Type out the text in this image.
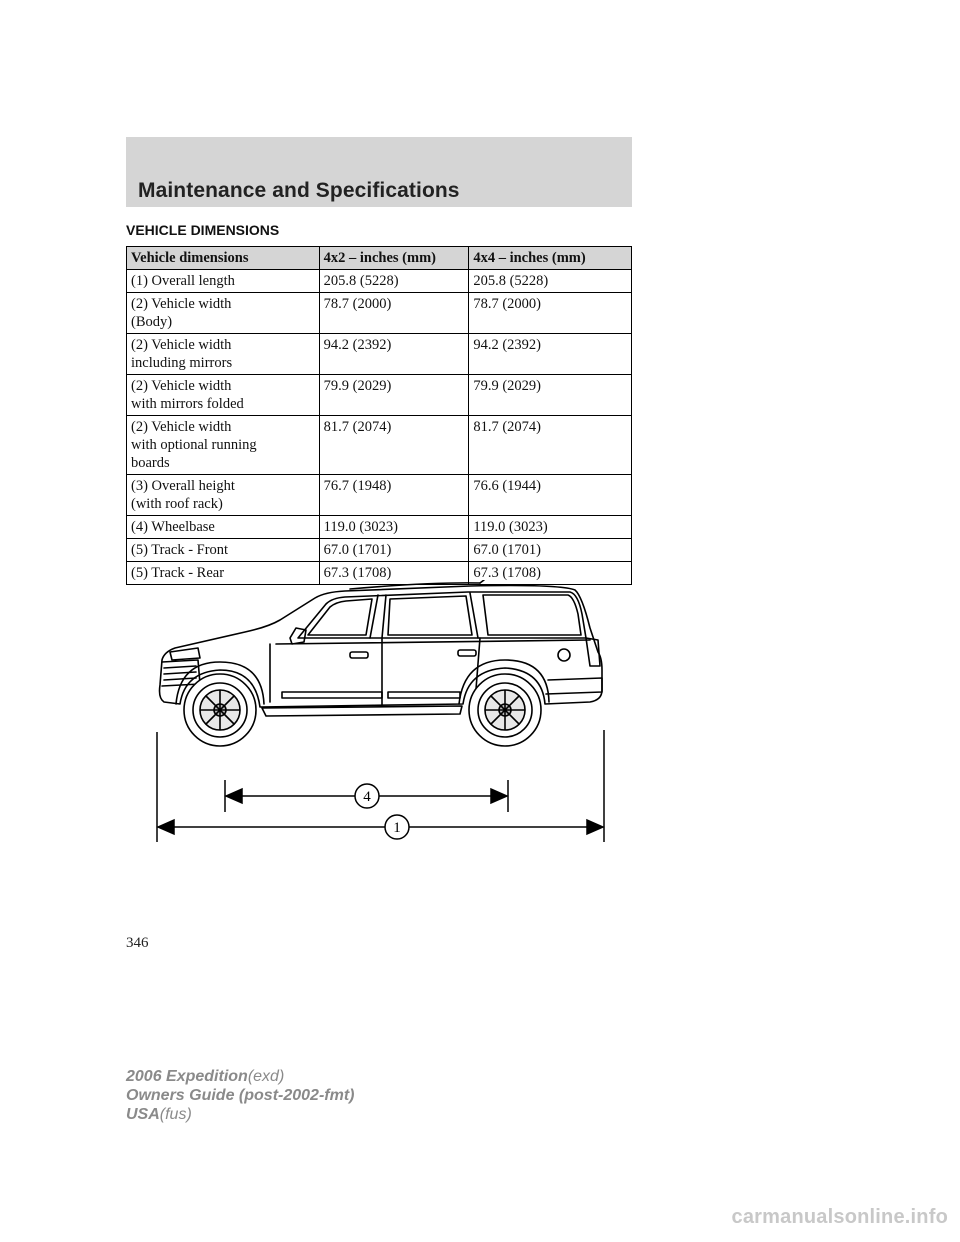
Maintenance and Specifications
VEHICLE DIMENSIONS
Vehicle dimensions	4x2 – inches (mm)	4x4 – inches (mm)
(1) Overall length	205.8 (5228)	205.8 (5228)
(2) Vehicle width
(Body)	78.7 (2000)	78.7 (2000)
(2) Vehicle width
including mirrors	94.2 (2392)	94.2 (2392)
(2) Vehicle width
with mirrors folded	79.9 (2029)	79.9 (2029)
(2) Vehicle width
with optional running
boards	81.7 (2074)	81.7 (2074)
(3) Overall height
(with roof rack)	76.7 (1948)	76.6 (1944)
(4) Wheelbase	119.0 (3023)	119.0 (3023)
(5) Track - Front	67.0 (1701)	67.0 (1701)
(5) Track - Rear	67.3 (1708)	67.3 (1708)
4
1
346
2006 Expedition(exd)
Owners Guide (post-2002-fmt)
USA(fus)
carmanualsonline.info
